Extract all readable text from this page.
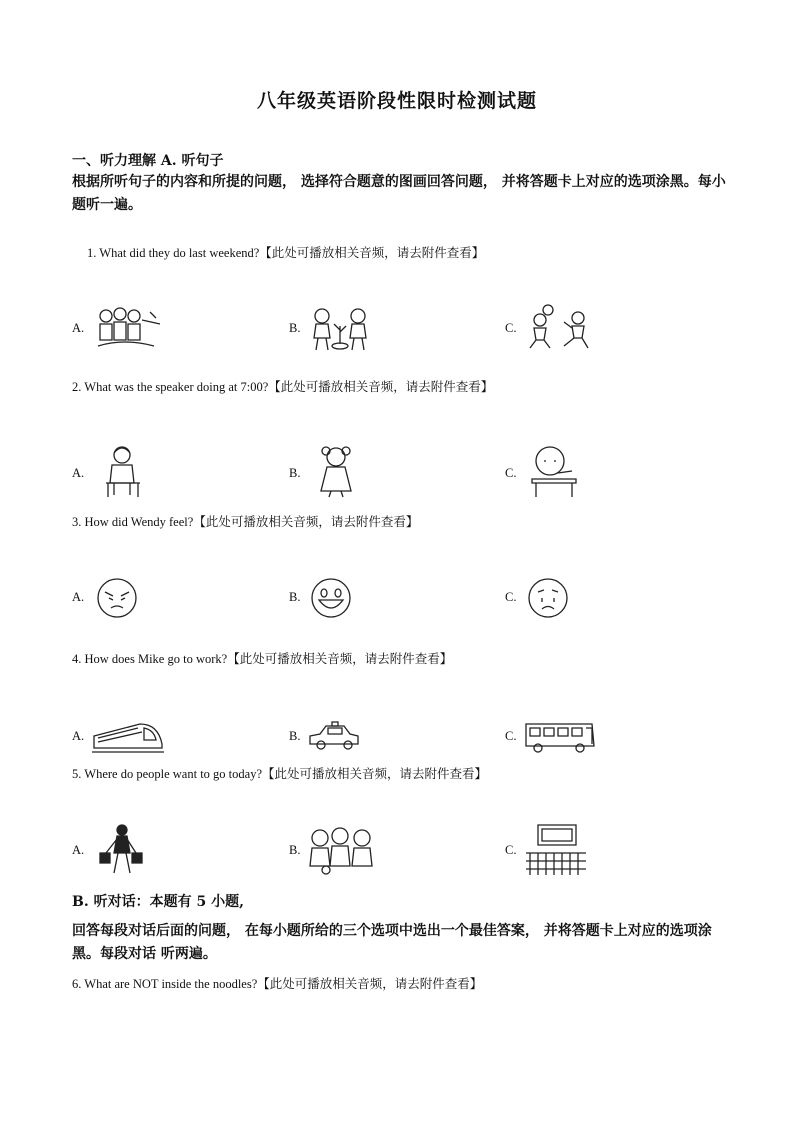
八年级英语阶段性限时检测试题
一、听力理解 A. 听句子
根据所听句子的内容和所提的问题， 选择符合题意的图画回答问题， 并将答题卡上对应的选项涂黑。每小题听一遍。
1. What did they do last weekend?【此处可播放相关音频，请去附件查看】
A.	B.	C.
2. What was the speaker doing at 7:00?【此处可播放相关音频，请去附件查看】
A.	B.	C.
3. How did Wendy feel?【此处可播放相关音频，请去附件查看】
A.	B.	C.
4. How does Mike go to work?【此处可播放相关音频，请去附件查看】
A.	B.	C.
5. Where do people want to go today?【此处可播放相关音频，请去附件查看】
A.	B.	C.
B. 听对话：本题有 5 小题,
回答每段对话后面的问题， 在每小题所给的三个选项中选出一个最佳答案， 并将答题卡上对应的选项涂黑。每段对话 听两遍。
6. What are NOT inside the noodles?【此处可播放相关音频，请去附件查看】
